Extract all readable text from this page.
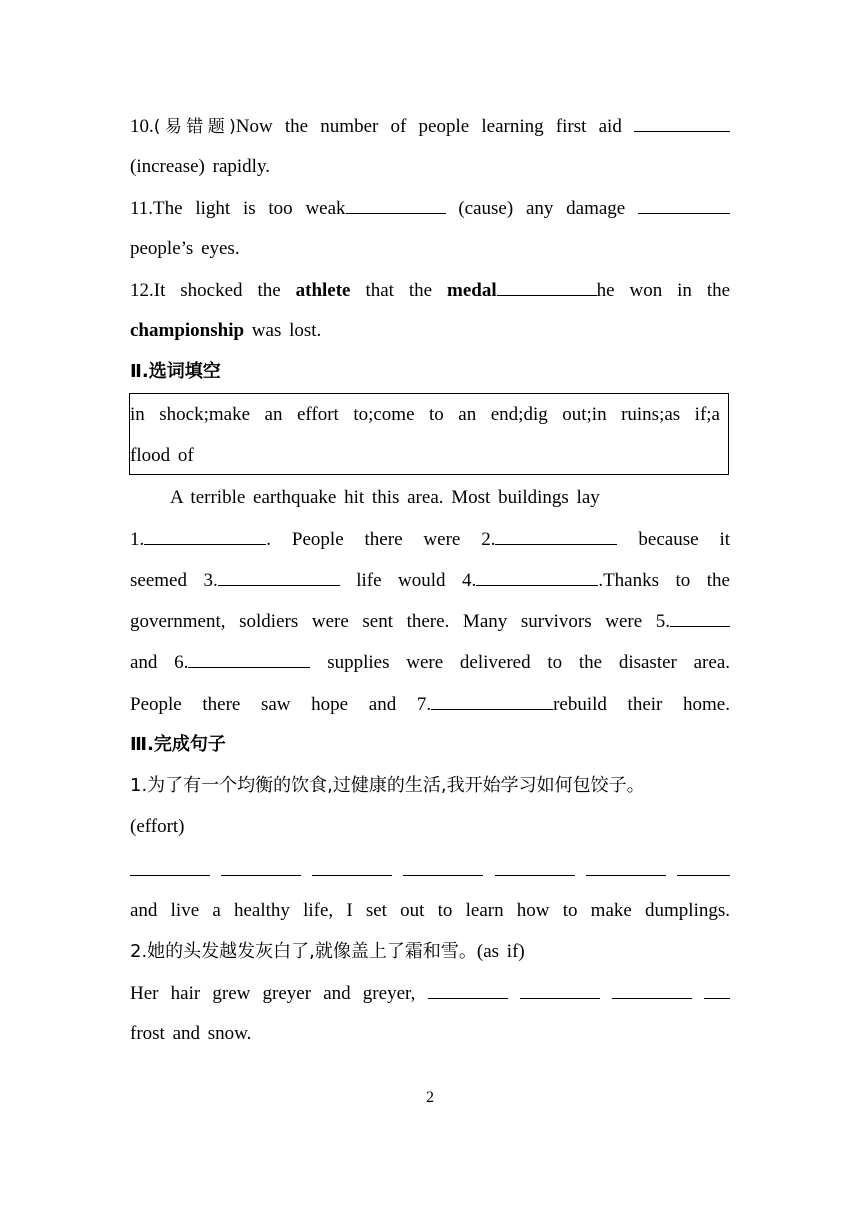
10.(易错题)Now the number of people learning first aid
(increase) rapidly.
11.The light is too weak	(cause) any damage
people’s eyes.
12.It shocked the athlete that the medal	he won in the
championship was lost.
Ⅱ.选词填空
in shock;make an effort to;come to an end;dig out;in ruins;as if;a
flood of
A terrible earthquake hit this area. Most buildings lay
1.	. People there were 2.	because it
seemed 3.	life would 4.	.Thanks to the
government, soldiers were sent there. Many survivors were 5.
and 6.	supplies were delivered to the disaster area.
People there saw hope and 7.	rebuild their home.
Ⅲ.完成句子
1.为了有一个均衡的饮食,过健康的生活,我开始学习如何包饺子。
(effort)
and live a healthy life, I set out to learn how to make dumplings.
2.她的头发越发灰白了,就像盖上了霜和雪。(as if)
Her hair grew greyer and greyer,
frost and snow.
2
